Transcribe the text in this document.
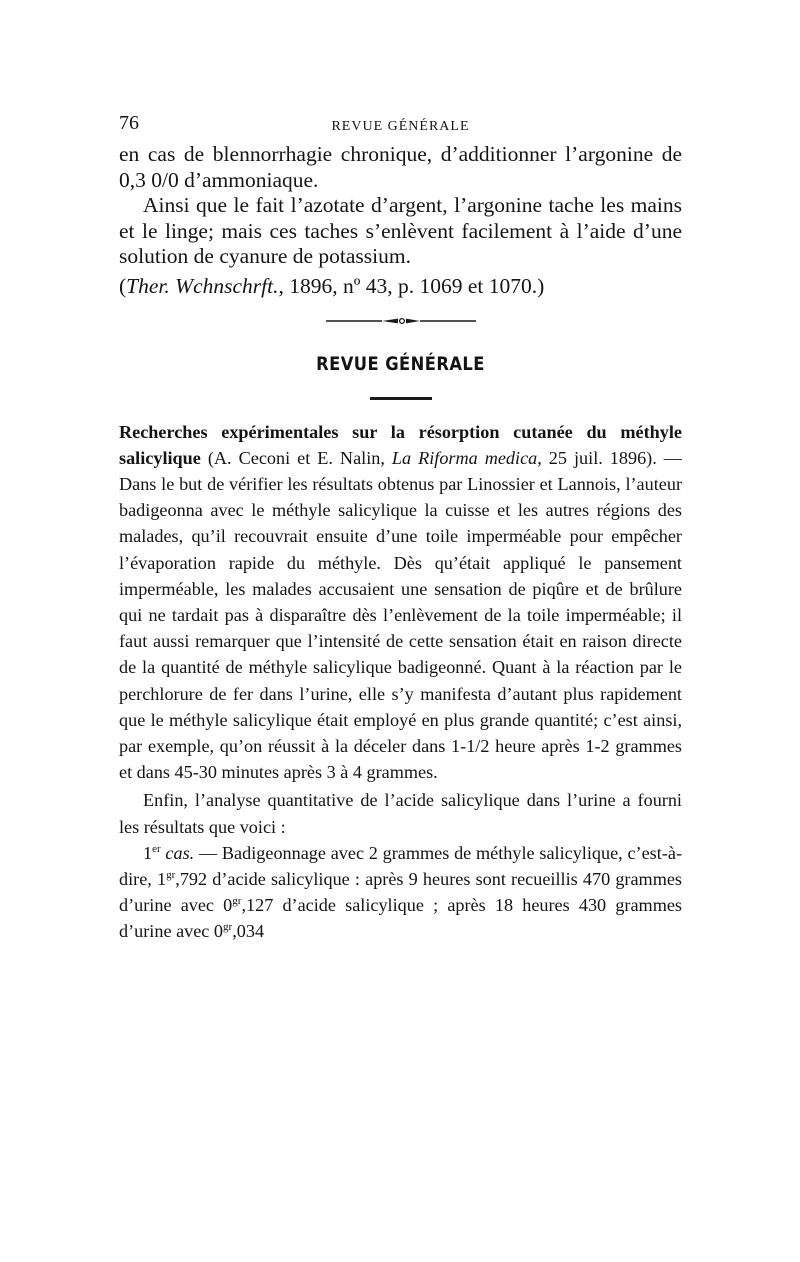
76	REVUE GÉNÉRALE

en cas de blennorrhagie chronique, d’additionner l’argonine de 0,3 0/0 d’ammoniaque.

Ainsi que le fait l’azotate d’argent, l’argonine tache les mains et le linge; mais ces taches s’enlèvent facilement à l’aide d’une solution de cyanure de potassium.

(Ther. Wchnschrft., 1896, nº 43, p. 1069 et 1070.)

REVUE GÉNÉRALE

Recherches expérimentales sur la résorption cutanée du méthyle salicylique (A. Ceconi et E. Nalin, La Riforma medica, 25 juil. 1896). — Dans le but de vérifier les résultats obtenus par Linossier et Lannois, l’auteur badigeonna avec le méthyle salicylique la cuisse et les autres régions des malades, qu’il recouvrait ensuite d’une toile imperméable pour empêcher l’évaporation rapide du méthyle. Dès qu’était appliqué le pansement imperméable, les malades accusaient une sensation de piqûre et de brûlure qui ne tardait pas à disparaître dès l’enlèvement de la toile imperméable; il faut aussi remarquer que l’intensité de cette sensation était en raison directe de la quantité de méthyle salicylique badigeonné. Quant à la réaction par le perchlorure de fer dans l’urine, elle s’y manifesta d’autant plus rapidement que le méthyle salicylique était employé en plus grande quantité; c’est ainsi, par exemple, qu’on réussit à la déceler dans 1-1/2 heure après 1-2 grammes et dans 45-30 minutes après 3 à 4 grammes.

Enfin, l’analyse quantitative de l’acide salicylique dans l’urine a fourni les résultats que voici :

1er cas. — Badigeonnage avec 2 grammes de méthyle salicylique, c’est-à-dire, $1^{gr},792$ d’acide salicylique : après 9 heures sont recueillis 470 grammes d’urine avec $0^{gr},127$ d’acide salicylique ; après 18 heures 430 grammes d’urine avec $0^{gr},034$
